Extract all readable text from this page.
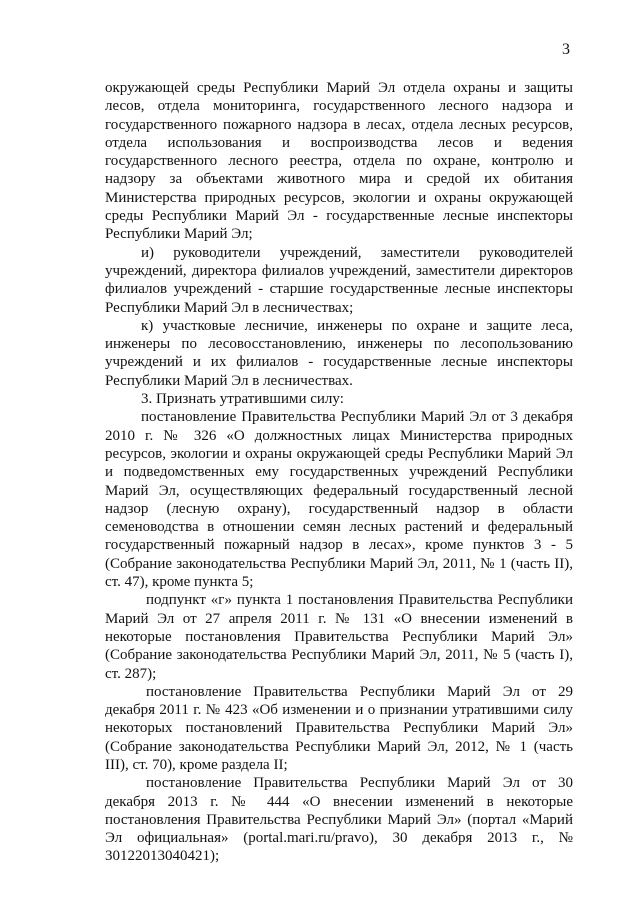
3

окружающей среды Республики Марий Эл отдела охраны и защиты лесов, отдела мониторинга, государственного лесного надзора и государственного пожарного надзора в лесах, отдела лесных ресурсов, отдела использования и воспроизводства лесов и ведения государственного лесного реестра, отдела по охране, контролю и надзору за объектами животного мира и средой их обитания Министерства природных ресурсов, экологии и охраны окружающей среды Республики Марий Эл - государственные лесные инспекторы Республики Марий Эл;

и) руководители учреждений, заместители руководителей учреждений, директора филиалов учреждений, заместители директоров филиалов учреждений - старшие государственные лесные инспекторы Республики Марий Эл в лесничествах;

к) участковые лесничие, инженеры по охране и защите леса, инженеры по лесовосстановлению, инженеры по лесопользованию учреждений и их филиалов - государственные лесные инспекторы Республики Марий Эл в лесничествах.

3. Признать утратившими силу:

постановление Правительства Республики Марий Эл от 3 декабря 2010 г. № 326 «О должностных лицах Министерства природных ресурсов, экологии и охраны окружающей среды Республики Марий Эл и подведомственных ему государственных учреждений Республики Марий Эл, осуществляющих федеральный государственный лесной надзор (лесную охрану), государственный надзор в области семеноводства в отношении семян лесных растений и федеральный государственный пожарный надзор в лесах», кроме пунктов 3 - 5 (Собрание законодательства Республики Марий Эл, 2011, № 1 (часть II), ст. 47), кроме пункта 5;

подпункт «г» пункта 1 постановления Правительства Республики Марий Эл от 27 апреля 2011 г. № 131 «О внесении изменений в некоторые постановления Правительства Республики Марий Эл» (Собрание законодательства Республики Марий Эл, 2011, № 5 (часть I), ст. 287);

постановление Правительства Республики Марий Эл от 29 декабря 2011 г. № 423 «Об изменении и о признании утратившими силу некоторых постановлений Правительства Республики Марий Эл» (Собрание законодательства Республики Марий Эл, 2012, № 1 (часть III), ст. 70), кроме раздела II;

постановление Правительства Республики Марий Эл от 30 декабря 2013 г. № 444 «О внесении изменений в некоторые постановления Правительства Республики Марий Эл» (портал «Марий Эл официальная» (portal.mari.ru/pravo), 30 декабря 2013 г., № 30122013040421);
